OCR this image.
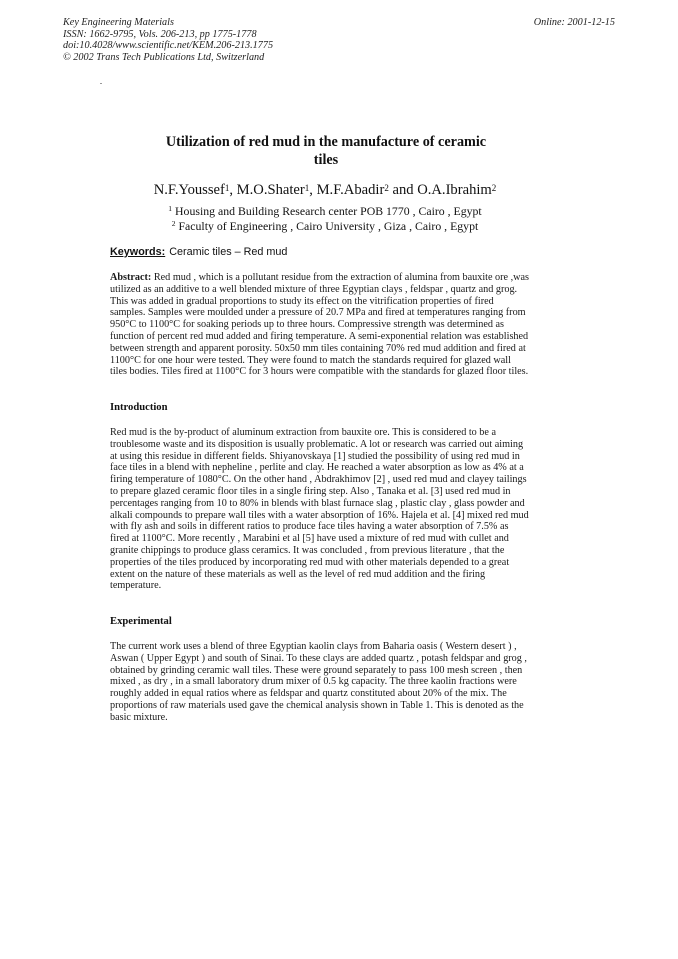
Key Engineering Materials
ISSN: 1662-9795, Vols. 206-213, pp 1775-1778
doi:10.4028/www.scientific.net/KEM.206-213.1775
© 2002 Trans Tech Publications Ltd, Switzerland
Online: 2001-12-15
Utilization of red mud in the manufacture of ceramic
tiles
N.F.Youssef$^1$, M.O.Shater$^1$, M.F.Abadir$^2$ and O.A.Ibrahim$^2$
$^1$ Housing and Building Research center POB 1770 , Cairo , Egypt
$^2$ Faculty of Engineering , Cairo University , Giza , Cairo , Egypt
Keywords: Ceramic tiles – Red mud
Abstract: Red mud , which is a pollutant residue from the extraction of alumina from bauxite ore ,was
utilized as an additive to a well blended mixture of three Egyptian clays , feldspar , quartz and grog.
This was added in gradual proportions to study its effect on the vitrification properties of fired
samples. Samples were moulded under a pressure of 20.7 MPa and fired at temperatures ranging from
950°C to 1100°C for soaking periods up to three hours. Compressive strength was determined as
function of percent red mud added and firing temperature. A semi-exponential relation was established
between strength and apparent porosity. 50x50 mm tiles containing 70% red mud addition and fired at
1100°C for one hour were tested. They were found to match the standards required for glazed wall
tiles bodies. Tiles fired at 1100°C for 3 hours were compatible with the standards for glazed floor tiles.
Introduction
Red mud is the by-product of aluminum extraction from bauxite ore. This is considered to be a
troublesome waste and its disposition is usually problematic. A lot or research was carried out aiming
at using this residue in different fields. Shiyanovskaya [1] studied the possibility of using red mud in
face tiles in a blend with nepheline , perlite and clay. He reached a water absorption as low as 4% at a
firing temperature of 1080°C. On the other hand , Abdrakhimov [2] , used red mud and clayey tailings
to prepare glazed ceramic floor tiles in a single firing step. Also , Tanaka et al. [3] used red mud in
percentages ranging from 10 to 80% in blends with blast furnace slag , plastic clay , glass powder and
alkali compounds to prepare wall tiles with a water absorption of 16%. Hajela et al. [4] mixed red mud
with fly ash and soils in different ratios to produce face tiles having a water absorption of 7.5% as
fired at 1100°C. More recently , Marabini et al [5] have used a mixture of red mud with cullet and
granite chippings to produce glass ceramics. It was concluded , from previous literature , that the
properties of the tiles produced by incorporating red mud with other materials depended to a great
extent on the nature of these materials as well as the level of red mud addition and the firing
temperature.
Experimental
The current work uses a blend of three Egyptian kaolin clays from Baharia oasis ( Western desert ) ,
Aswan ( Upper Egypt ) and south of Sinai. To these clays are added quartz , potash feldspar and grog ,
obtained by grinding ceramic wall tiles. These were ground separately to pass 100 mesh screen , then
mixed , as dry , in a small laboratory drum mixer of 0.5 kg capacity. The three kaolin fractions were
roughly added in equal ratios where as feldspar and quartz constituted about 20% of the mix. The
proportions of raw materials used gave the chemical analysis shown in Table 1. This is denoted as the
basic mixture.
